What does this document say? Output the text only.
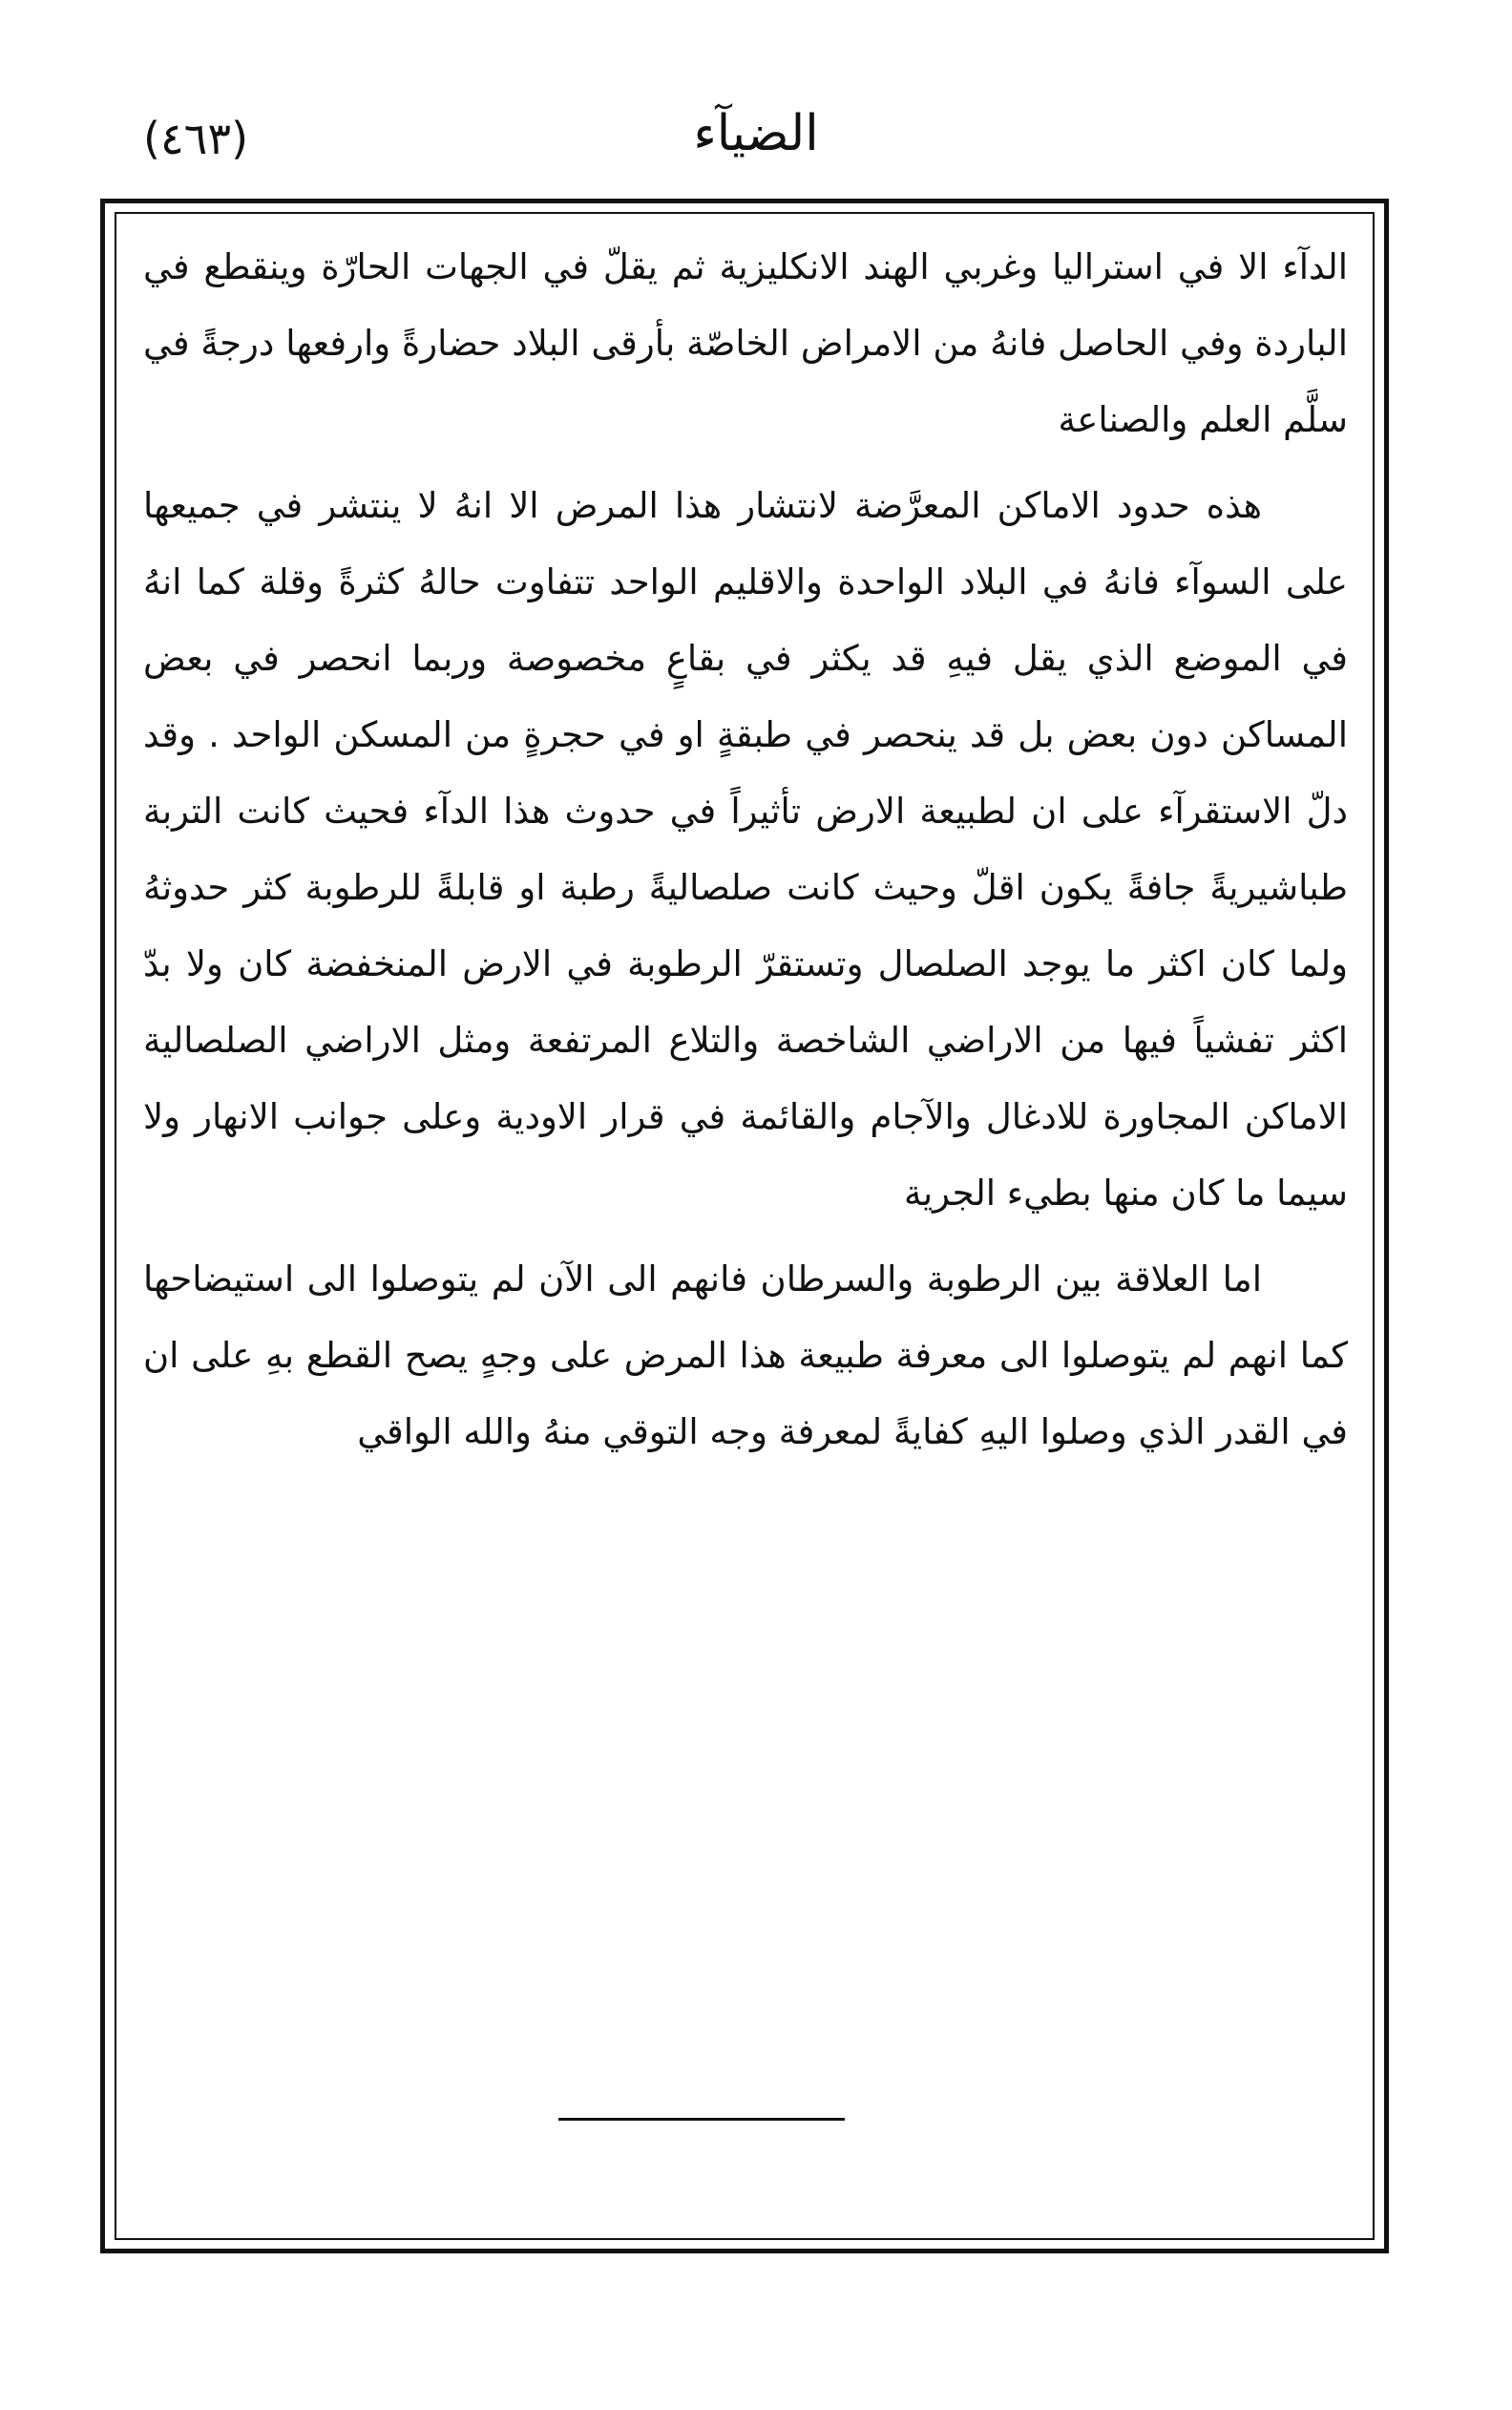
(٤٦٣)	الضيآء

الدآء الا في استراليا وغربي الهند الانكليزية ثم يقلّ في الجهات الحارّة وينقطع في الباردة وفي الحاصل فانهُ من الامراض الخاصّة بأرقى البلاد حضارةً وارفعها درجةً في سلَّم العلم والصناعة

هذه حدود الاماكن المعرَّضة لانتشار هذا المرض الا انهُ لا ينتشر في جميعها على السوآء فانهُ في البلاد الواحدة والاقليم الواحد تتفاوت حالهُ كثرةً وقلة كما انهُ في الموضع الذي يقل فيهِ قد يكثر في بقاعٍ مخصوصة وربما انحصر في بعض المساكن دون بعض بل قد ينحصر في طبقةٍ او في حجرةٍ من المسكن الواحد . وقد دلّ الاستقرآء على ان لطبيعة الارض تأثيراً في حدوث هذا الدآء فحيث كانت التربة طباشيريةً جافةً يكون اقلّ وحيث كانت صلصاليةً رطبة او قابلةً للرطوبة كثر حدوثهُ ولما كان اكثر ما يوجد الصلصال وتستقرّ الرطوبة في الارض المنخفضة كان ولا بدّ اكثر تفشياً فيها من الاراضي الشاخصة والتلاع المرتفعة ومثل الاراضي الصلصالية الاماكن المجاورة للادغال والآجام والقائمة في قرار الاودية وعلى جوانب الانهار ولا سيما ما كان منها بطيء الجرية

اما العلاقة بين الرطوبة والسرطان فانهم الى الآن لم يتوصلوا الى استيضاحها كما انهم لم يتوصلوا الى معرفة طبيعة هذا المرض على وجهٍ يصح القطع بهِ على ان في القدر الذي وصلوا اليهِ كفايةً لمعرفة وجه التوقي منهُ والله الواقي
